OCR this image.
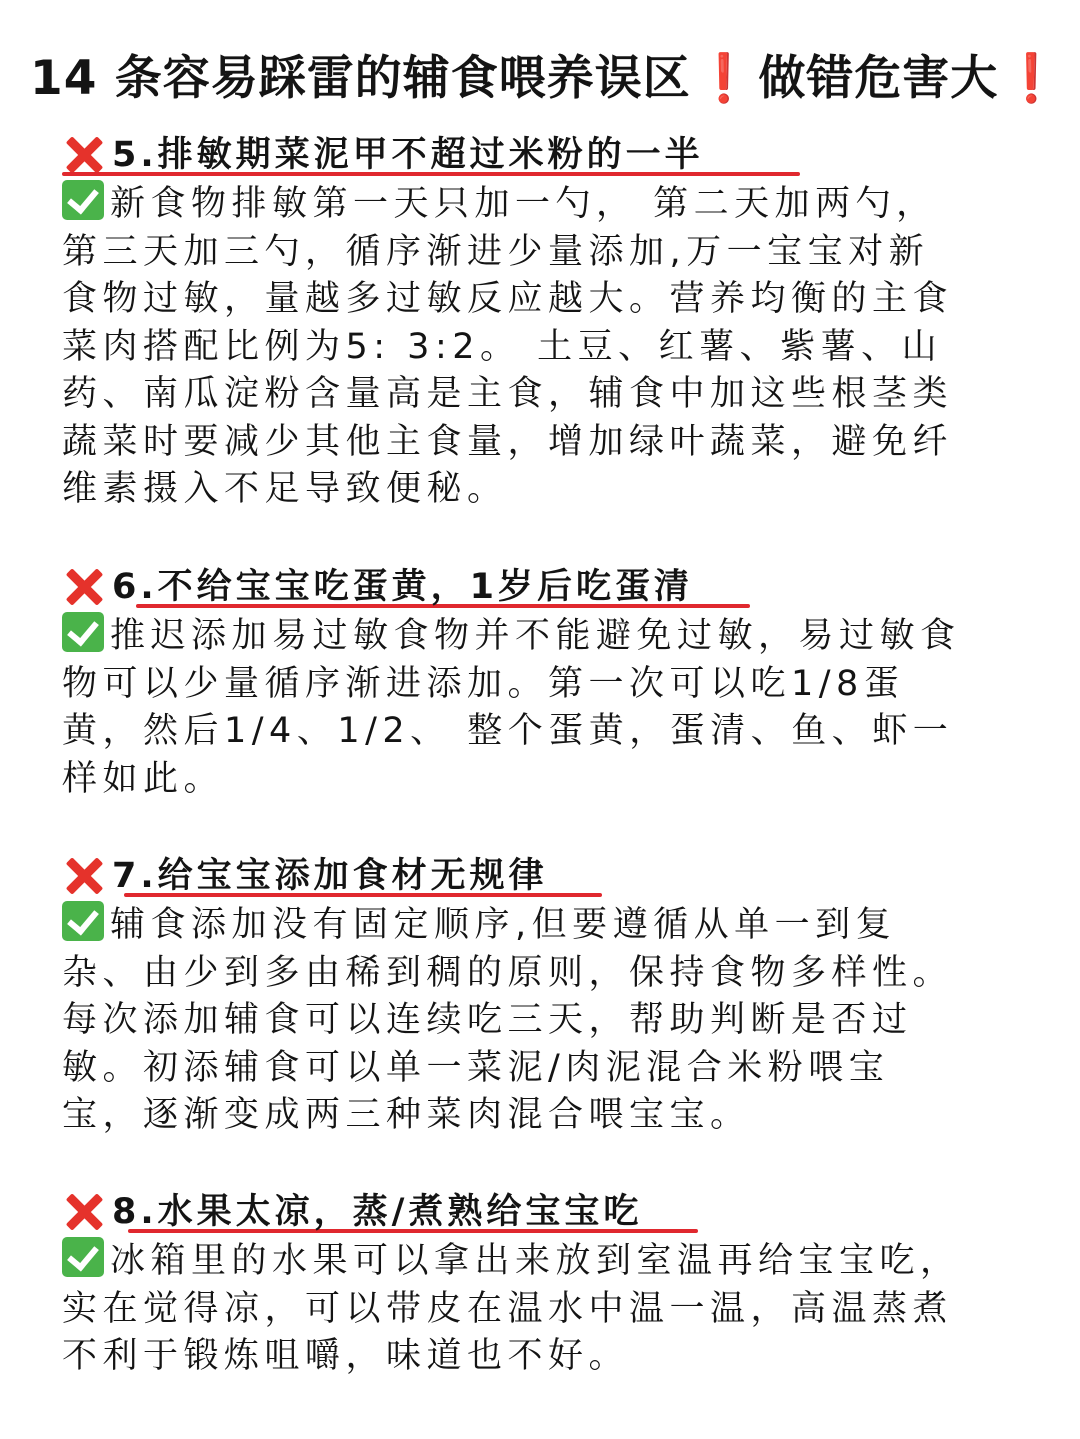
14 条容易踩雷的辅食喂养误区❗做错危害大❗
5.排敏期菜泥甲不超过米粉的一半
新食物排敏第一天只加一勺， 第二天加两勺，
第三天加三勺，循序渐进少量添加,万一宝宝对新
食物过敏，量越多过敏反应越大。营养均衡的主食
菜肉搭配比例为5: 3:2。 土豆、红薯、紫薯、山
药、南瓜淀粉含量高是主食，辅食中加这些根茎类
蔬菜时要减少其他主食量，增加绿叶蔬菜，避免纤
维素摄入不足导致便秘。
6.不给宝宝吃蛋黄，1岁后吃蛋清
推迟添加易过敏食物并不能避免过敏，易过敏食
物可以少量循序渐进添加。第一次可以吃1/8蛋
黄，然后1/4、1/2、 整个蛋黄，蛋清、鱼、虾一
样如此。
7.给宝宝添加食材无规律
辅食添加没有固定顺序,但要遵循从单一到复
杂、由少到多由稀到稠的原则，保持食物多样性。
每次添加辅食可以连续吃三天，帮助判断是否过
敏。初添辅食可以单一菜泥/肉泥混合米粉喂宝
宝，逐渐变成两三种菜肉混合喂宝宝。
8.水果太凉，蒸/煮熟给宝宝吃
冰箱里的水果可以拿出来放到室温再给宝宝吃，
实在觉得凉，可以带皮在温水中温一温，高温蒸煮
不利于锻炼咀嚼，味道也不好。
